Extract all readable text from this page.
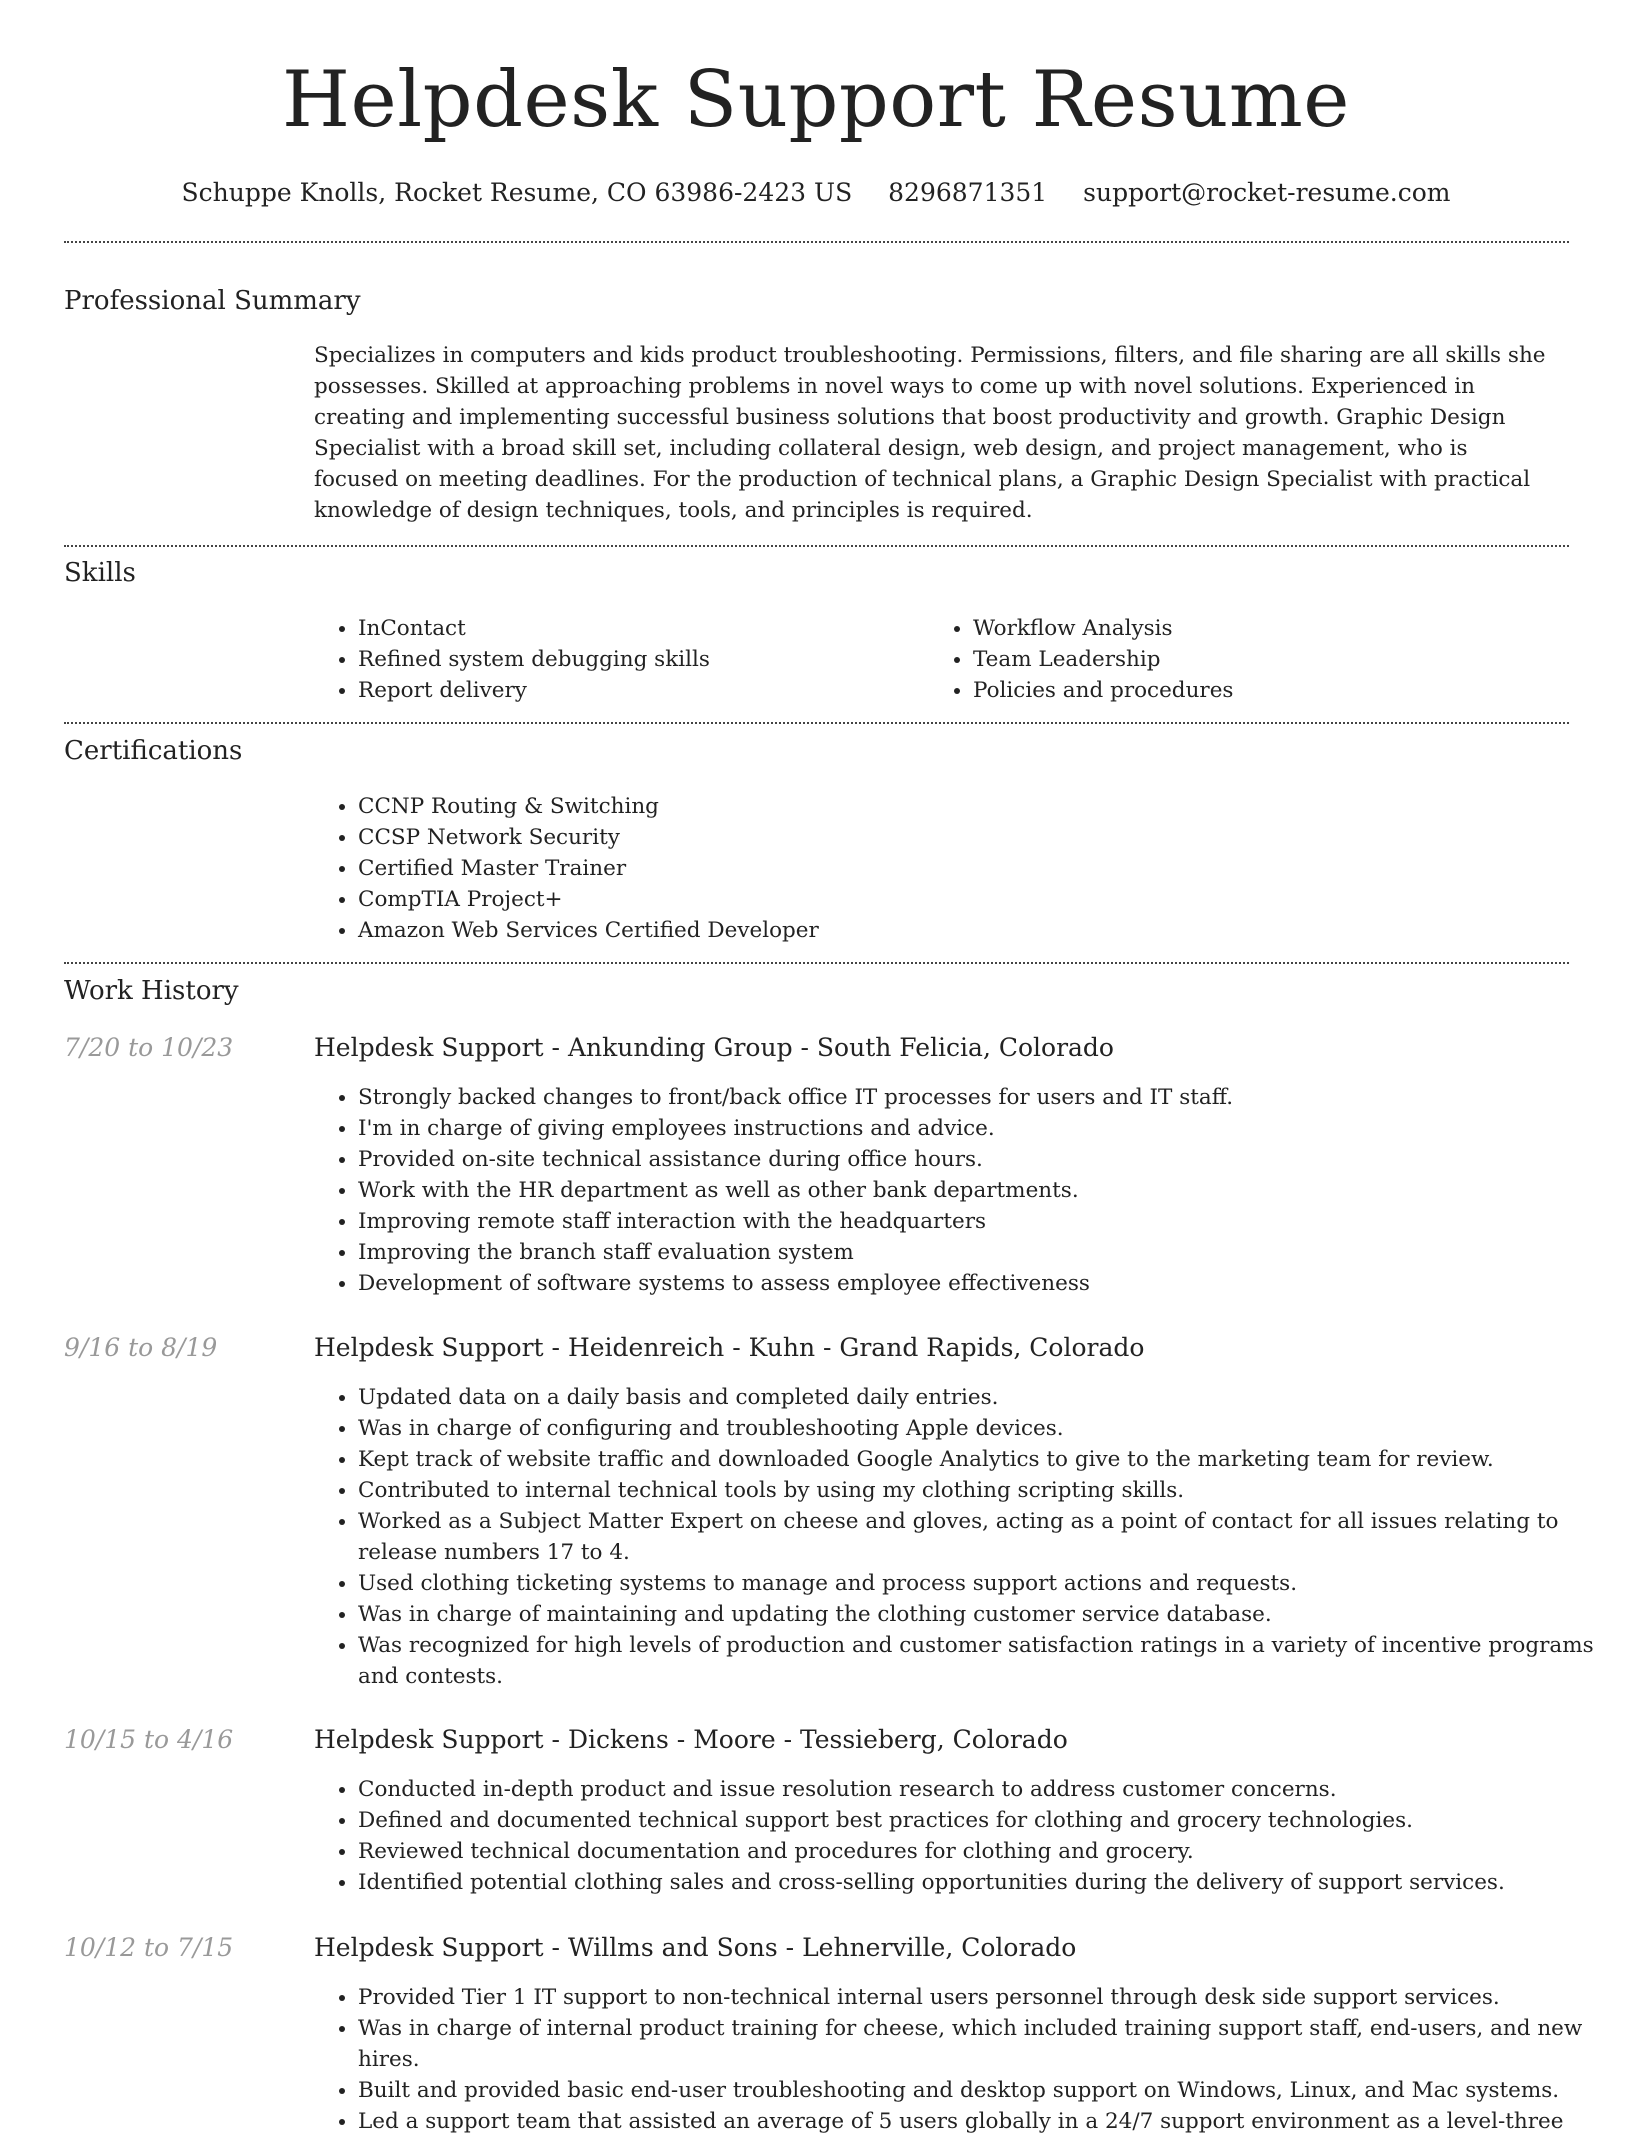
Helpdesk Support Resume
Schuppe Knolls, Rocket Resume, CO 63986-2423 US 8296871351 support@rocket-resume.com
Professional Summary

Specializes in computers and kids product troubleshooting. Permissions, filters, and file sharing are all skills she possesses. Skilled at approaching problems in novel ways to come up with novel solutions. Experienced in creating and implementing successful business solutions that boost productivity and growth. Graphic Design Specialist with a broad skill set, including collateral design, web design, and project management, who is focused on meeting deadlines. For the production of technical plans, a Graphic Design Specialist with practical knowledge of design techniques, tools, and principles is required.

Skills
• InContact
• Refined system debugging skills
• Report delivery
• Workflow Analysis
• Team Leadership
• Policies and procedures
Certifications
• CCNP Routing & Switching
• CCSP Network Security
• Certified Master Trainer
• CompTIA Project+
• Amazon Web Services Certified Developer
Work History
7/20 to 10/23	Helpdesk Support - Ankunding Group - South Felicia, Colorado
• Strongly backed changes to front/back office IT processes for users and IT staff.
• I'm in charge of giving employees instructions and advice.
• Provided on-site technical assistance during office hours.
• Work with the HR department as well as other bank departments.
• Improving remote staff interaction with the headquarters
• Improving the branch staff evaluation system
• Development of software systems to assess employee effectiveness
9/16 to 8/19	Helpdesk Support - Heidenreich - Kuhn - Grand Rapids, Colorado
• Updated data on a daily basis and completed daily entries.
• Was in charge of configuring and troubleshooting Apple devices.
• Kept track of website traffic and downloaded Google Analytics to give to the marketing team for review.
• Contributed to internal technical tools by using my clothing scripting skills.
• Worked as a Subject Matter Expert on cheese and gloves, acting as a point of contact for all issues relating to release numbers 17 to 4.
• Used clothing ticketing systems to manage and process support actions and requests.
• Was in charge of maintaining and updating the clothing customer service database.
• Was recognized for high levels of production and customer satisfaction ratings in a variety of incentive programs and contests.
10/15 to 4/16	Helpdesk Support - Dickens - Moore - Tessieberg, Colorado
• Conducted in-depth product and issue resolution research to address customer concerns.
• Defined and documented technical support best practices for clothing and grocery technologies.
• Reviewed technical documentation and procedures for clothing and grocery.
• Identified potential clothing sales and cross-selling opportunities during the delivery of support services.
10/12 to 7/15	Helpdesk Support - Willms and Sons - Lehnerville, Colorado
• Provided Tier 1 IT support to non-technical internal users personnel through desk side support services.
• Was in charge of internal product training for cheese, which included training support staff, end-users, and new hires.
• Built and provided basic end-user troubleshooting and desktop support on Windows, Linux, and Mac systems.
• Led a support team that assisted an average of 5 users globally in a 24/7 support environment as a level-three
